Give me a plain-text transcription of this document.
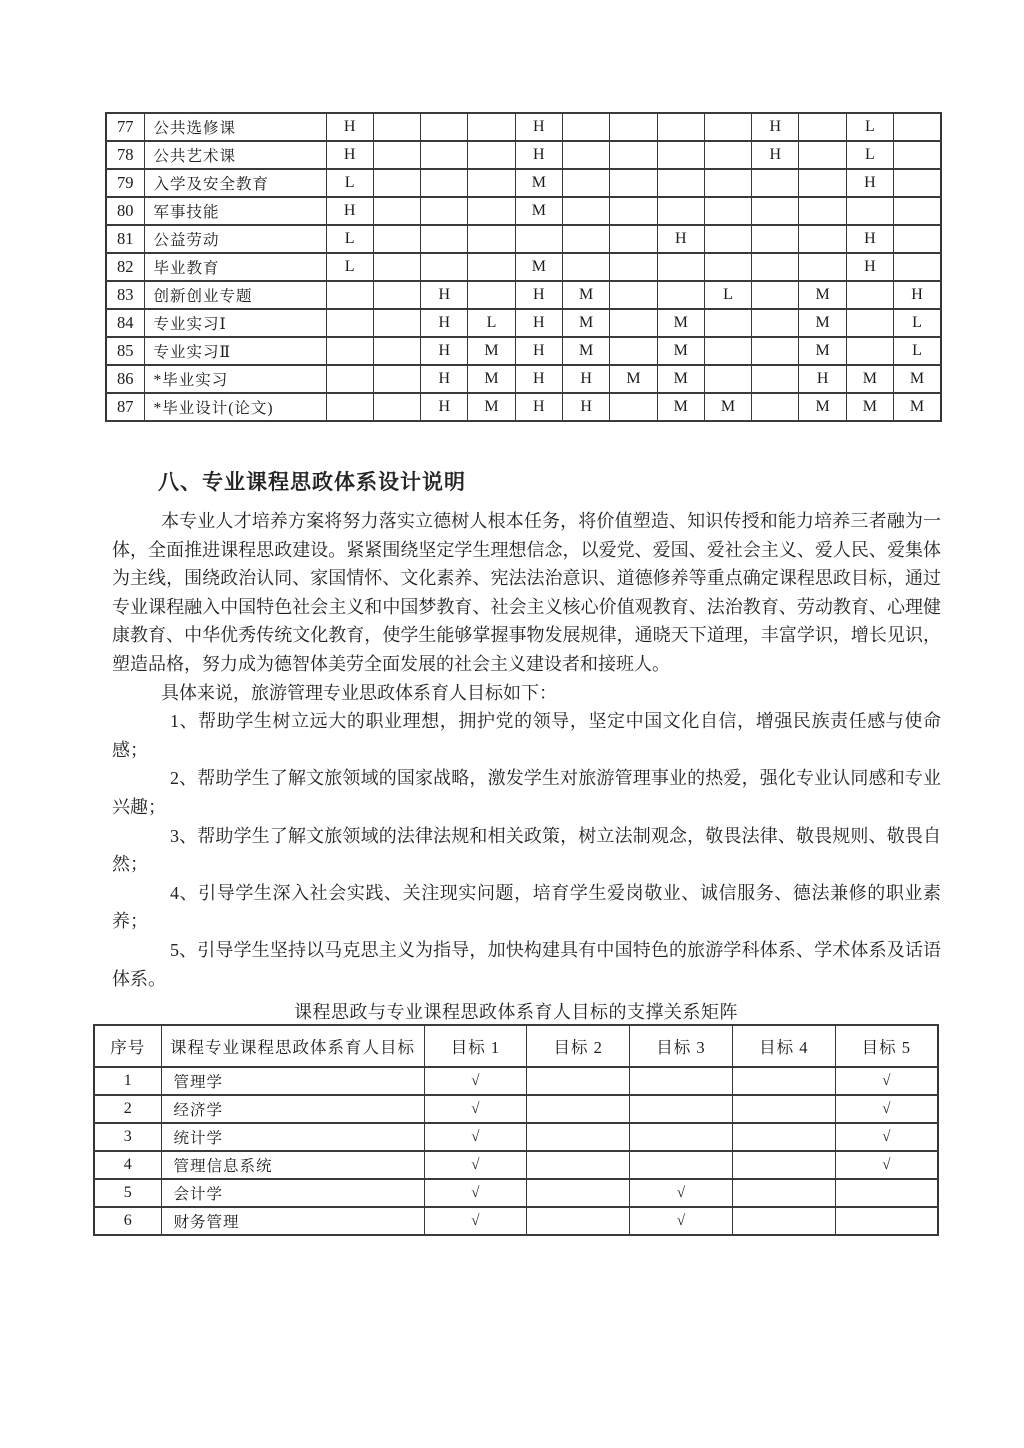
77	公共选修课	H				H					H		L	
78	公共艺术课	H				H					H		L	
79	入学及安全教育	L				M							H	
80	军事技能	H				M								
81	公益劳动	L							H				H	
82	毕业教育	L				M							H	
83	创新创业专题			H		H	M			L		M		H
84	专业实习Ⅰ			H	L	H	M		M			M		L
85	专业实习Ⅱ			H	M	H	M		M			M		L
86	*毕业实习			H	M	H	H	M	M			H	M	M
87	*毕业设计(论文)			H	M	H	H		M	M		M	M	M
八、专业课程思政体系设计说明

本专业人才培养方案将努力落实立德树人根本任务，将价值塑造、知识传授和能力培养三者融为一体，全面推进课程思政建设。紧紧围绕坚定学生理想信念，以爱党、爱国、爱社会主义、爱人民、爱集体为主线，围绕政治认同、家国情怀、文化素养、宪法法治意识、道德修养等重点确定课程思政目标，通过专业课程融入中国特色社会主义和中国梦教育、社会主义核心价值观教育、法治教育、劳动教育、心理健康教育、中华优秀传统文化教育，使学生能够掌握事物发展规律，通晓天下道理，丰富学识，增长见识，塑造品格，努力成为德智体美劳全面发展的社会主义建设者和接班人。

具体来说，旅游管理专业思政体系育人目标如下：

1、帮助学生树立远大的职业理想，拥护党的领导，坚定中国文化自信，增强民族责任感与使命感；

2、帮助学生了解文旅领域的国家战略，激发学生对旅游管理事业的热爱，强化专业认同感和专业兴趣；

3、帮助学生了解文旅领域的法律法规和相关政策，树立法制观念，敬畏法律、敬畏规则、敬畏自然；

4、引导学生深入社会实践、关注现实问题，培育学生爱岗敬业、诚信服务、德法兼修的职业素养；

5、引导学生坚持以马克思主义为指导，加快构建具有中国特色的旅游学科体系、学术体系及话语体系。

课程思政与专业课程思政体系育人目标的支撑关系矩阵

序号	课程专业课程思政体系育人目标	目标 1	目标 2	目标 3	目标 4	目标 5
1	管理学	√				√
2	经济学	√				√
3	统计学	√				√
4	管理信息系统	√				√
5	会计学	√		√		
6	财务管理	√		√		
